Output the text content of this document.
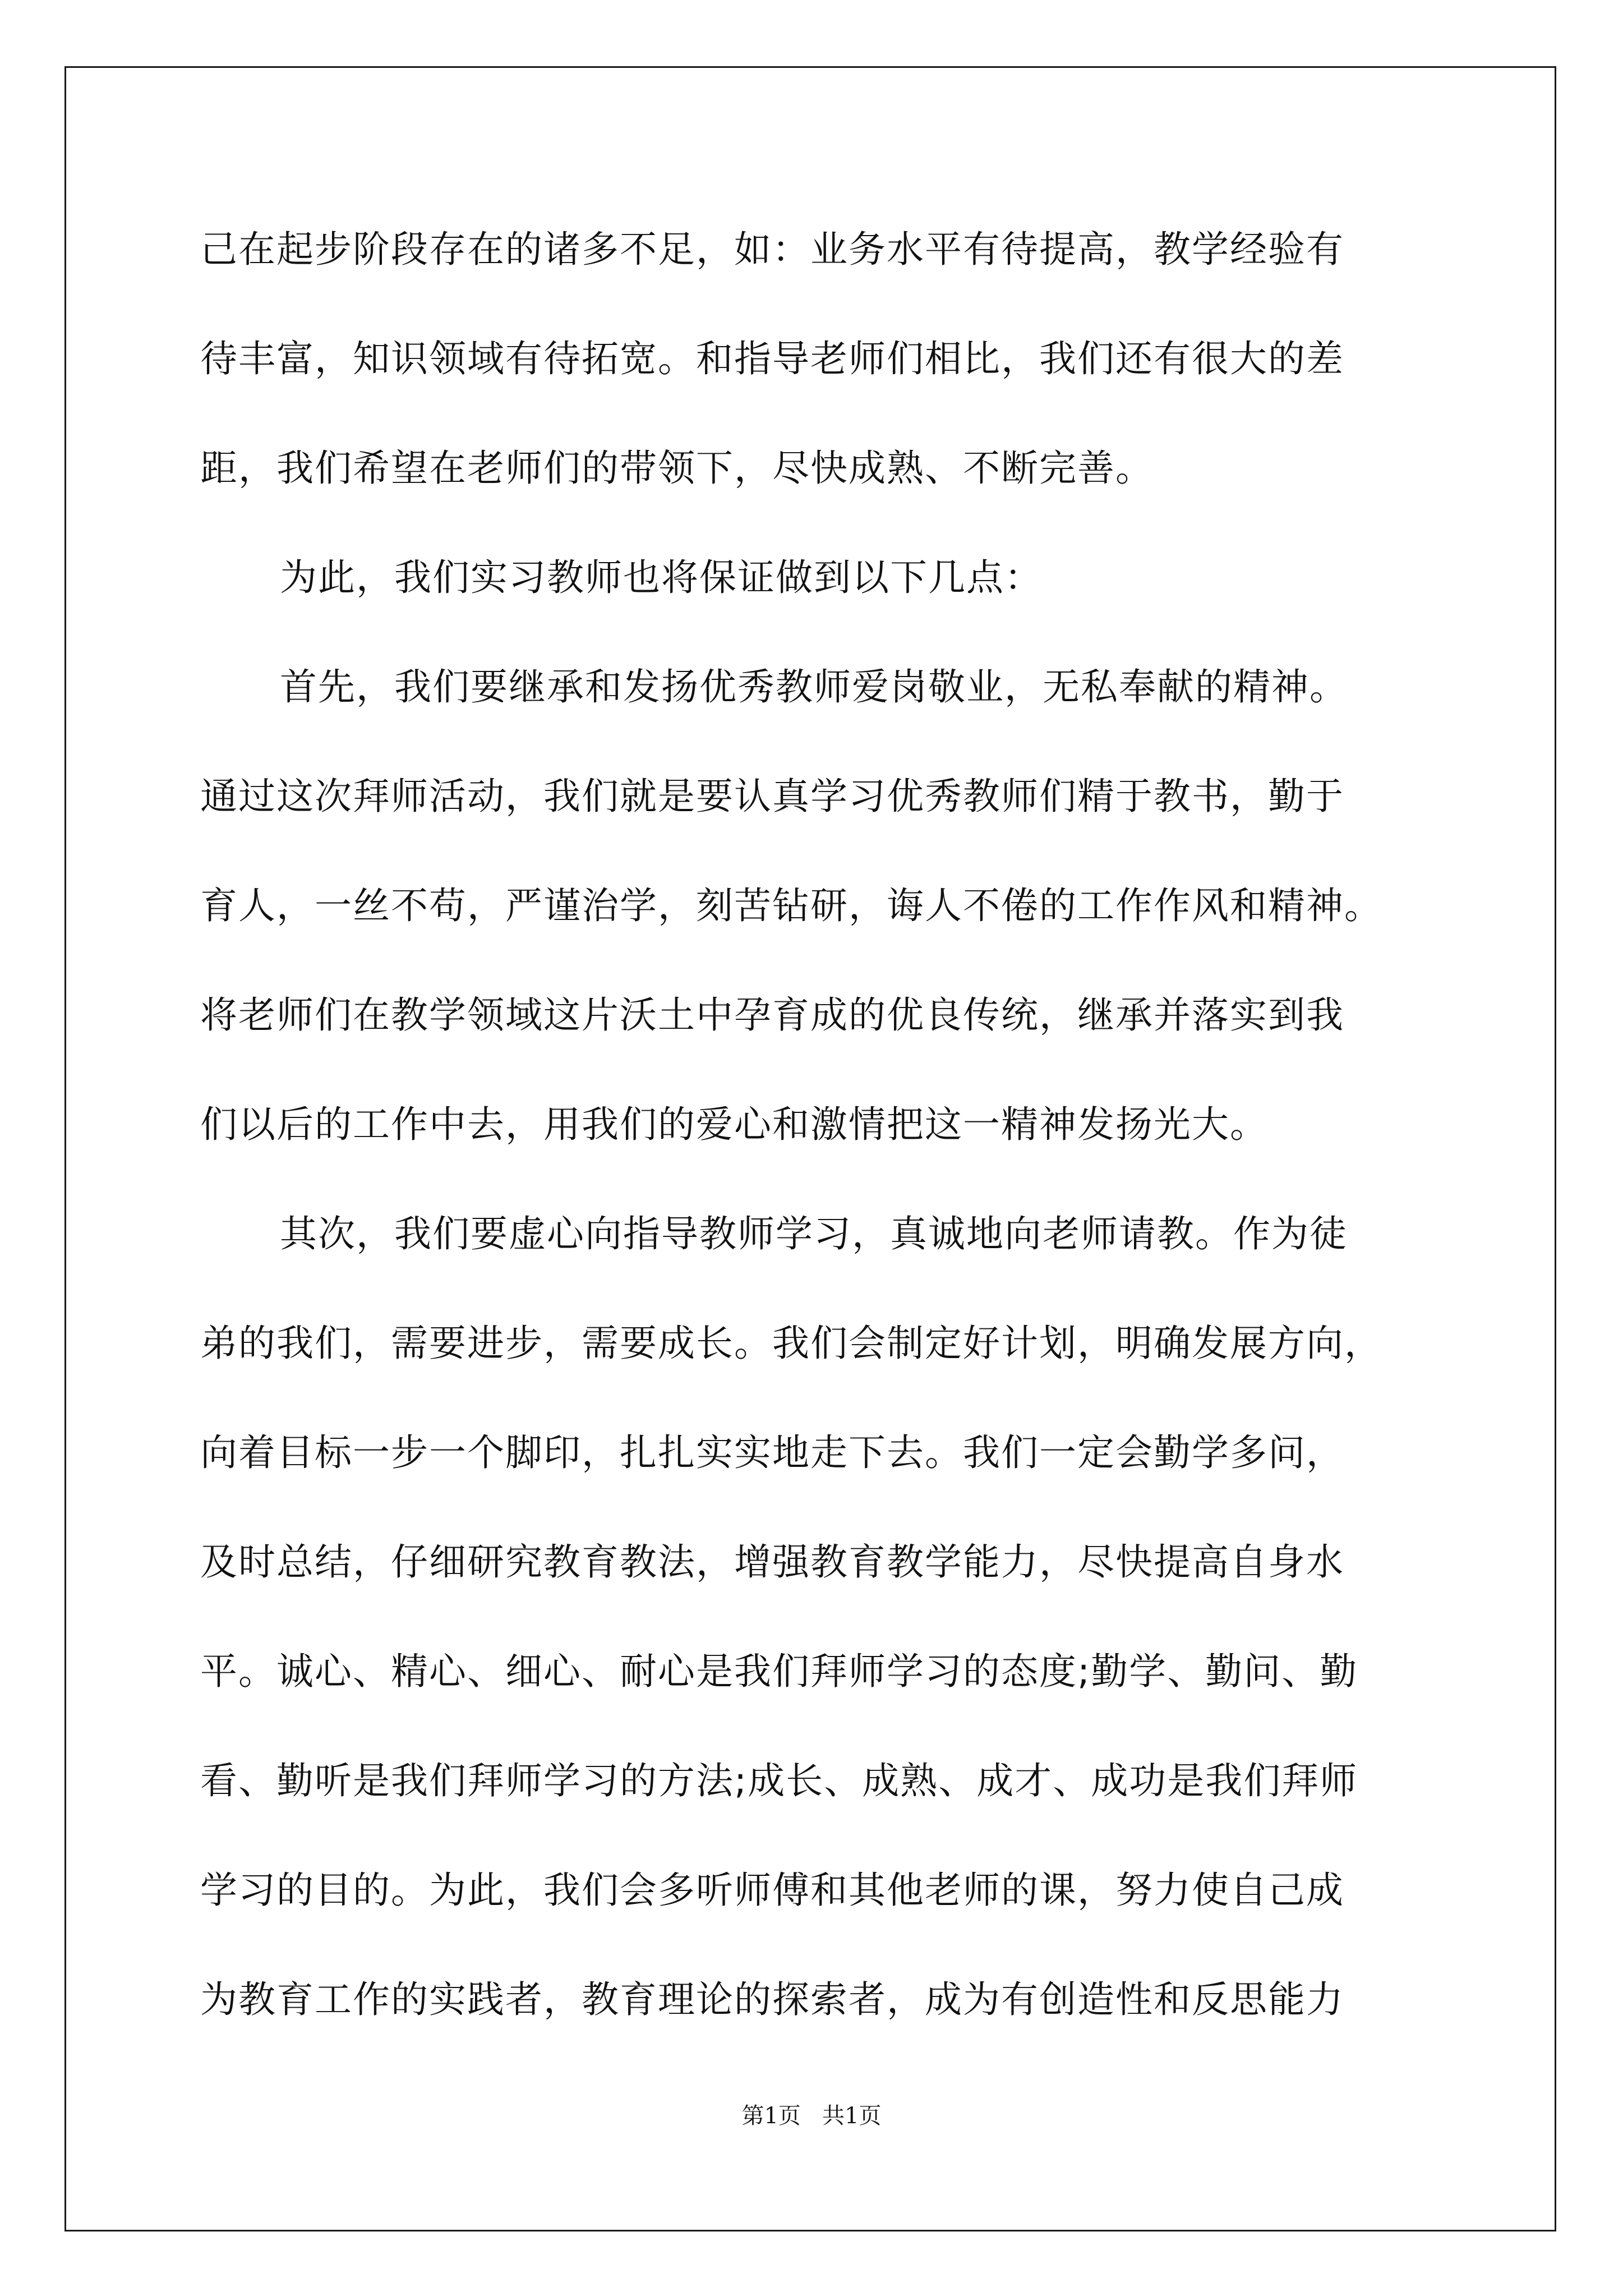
己在起步阶段存在的诸多不足，如：业务水平有待提高，教学经验有
待丰富，知识领域有待拓宽。和指导老师们相比，我们还有很大的差
距，我们希望在老师们的带领下，尽快成熟、不断完善。
为此，我们实习教师也将保证做到以下几点：
首先，我们要继承和发扬优秀教师爱岗敬业，无私奉献的精神。
通过这次拜师活动，我们就是要认真学习优秀教师们精于教书，勤于
育人，一丝不苟，严谨治学，刻苦钻研，诲人不倦的工作作风和精神。
将老师们在教学领域这片沃土中孕育成的优良传统，继承并落实到我
们以后的工作中去，用我们的爱心和激情把这一精神发扬光大。
其次，我们要虚心向指导教师学习，真诚地向老师请教。作为徒
弟的我们，需要进步，需要成长。我们会制定好计划，明确发展方向，
向着目标一步一个脚印，扎扎实实地走下去。我们一定会勤学多问，
及时总结，仔细研究教育教法，增强教育教学能力，尽快提高自身水
平。诚心、精心、细心、耐心是我们拜师学习的态度;勤学、勤问、勤
看、勤听是我们拜师学习的方法;成长、成熟、成才、成功是我们拜师
学习的目的。为此，我们会多听师傅和其他老师的课，努力使自己成
为教育工作的实践者，教育理论的探索者，成为有创造性和反思能力
第1页   共1页
